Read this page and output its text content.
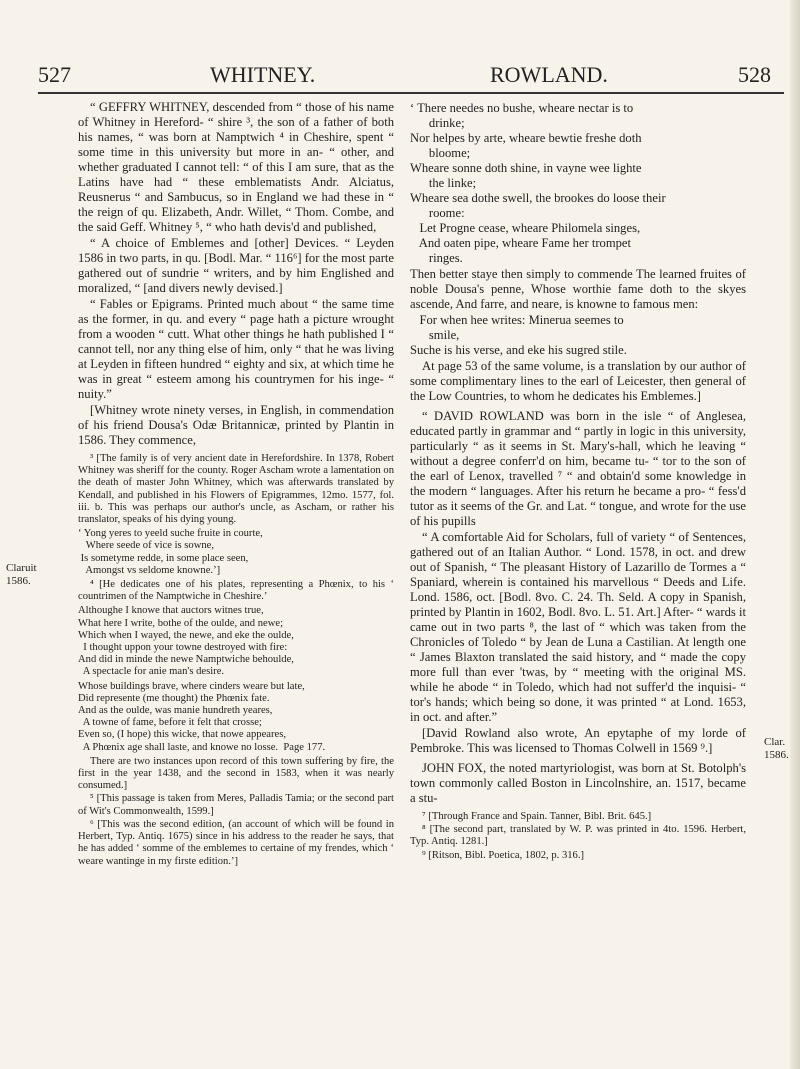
527	WHITNEY.	ROWLAND.	528
Claruit
1586.
Clar.
1586.

“ GEFFRY WHITNEY, descended from “ those of his name of Whitney in Hereford- “ shire ³, the son of a father of both his names, “ was born at Namptwich ⁴ in Cheshire, spent “ some time in this university but more in an- “ other, and whether graduated I cannot tell: “ of this I am sure, that as the Latins have had “ these emblematists Andr. Alciatus, Reusnerus “ and Sambucus, so in England we had these in “ the reign of qu. Elizabeth, Andr. Willet, “ Thom. Combe, and the said Geff. Whitney ⁵, “ who hath devis'd and published,

“ A choice of Emblemes and [other] Devices. “ Leyden 1586 in two parts, in qu. [Bodl. Mar. “ 116⁶] for the most parte gathered out of sundrie “ writers, and by him Englished and moralized, “ [and divers newly devised.]

“ Fables or Epigrams. Printed much about “ the same time as the former, in qu. and every “ page hath a picture wrought from a wooden “ cutt. What other things he hath published I “ cannot tell, nor any thing else of him, only “ that he was living at Leyden in fifteen hundred “ eighty and six, at which time he was in great “ esteem among his countrymen for his inge- “ nuity.”

[Whitney wrote ninety verses, in English, in commendation of his friend Dousa's Odæ Britannicæ, printed by Plantin in 1586. They commence,

³ [The family is of very ancient date in Herefordshire. In 1378, Robert Whitney was sheriff for the county. Roger Ascham wrote a lamentation on the death of master John Whitney, which was afterwards translated by Kendall, and published in his Flowers of Epigrammes, 12mo. 1577, fol. iii. b. This was perhaps our author's uncle, as Ascham, or rather his translator, speaks of his dying young.

‘ Yong yeres to yeeld suche fruite in courte,
Where seede of vice is sowne,
Is sometyme redde, in some place seen,
Amongst vs seldome knowne.’]

⁴ [He dedicates one of his plates, representing a Phœnix, to his ‘ countrimen of the Namptwiche in Cheshire.’

Althoughe I knowe that auctors witnes true,
What here I write, bothe of the oulde, and newe;
Which when I wayed, the newe, and eke the oulde,
I thought uppon your towne destroyed with fire:
And did in minde the newe Namptwiche behoulde,
A spectacle for anie man's desire.
Whose buildings brave, where cinders weare but late,
Did represente (me thought) the Phœnix fate.
And as the oulde, was manie hundreth yeares,
A towne of fame, before it felt that crosse;
Even so, (I hope) this wicke, that nowe appeares,
A Phœnix age shall laste, and knowe no losse.  Page 177.

There are two instances upon record of this town suffering by fire, the first in the year 1438, and the second in 1583, when it was nearly consumed.]

⁵ [This passage is taken from Meres, Palladis Tamia; or the second part of Wit's Commonwealth, 1599.]

⁶ [This was the second edition, (an account of which will be found in Herbert, Typ. Antiq. 1675) since in his address to the reader he says, that he has added ‘ somme of the emblemes to certaine of my frendes, which ‘ weare wantinge in my firste edition.’]

‘ There needes no bushe, wheare nectar is to
drinke;
Nor helpes by arte, wheare bewtie freshe doth
bloome;
Wheare sonne doth shine, in vayne wee lighte
the linke;
Wheare sea dothe swell, the brookes do loose their
roome:
Let Progne cease, wheare Philomela singes,
And oaten pipe, wheare Fame her trompet
ringes.

Then better staye then simply to commende The learned fruites of noble Dousa's penne, Whose worthie fame doth to the skyes ascende, And farre, and neare, is knowne to famous men:

For when hee writes: Minerua seemes to
smile,
Suche is his verse, and eke his sugred stile.

At page 53 of the same volume, is a translation by our author of some complimentary lines to the earl of Leicester, then general of the Low Countries, to whom he dedicates his Emblemes.]

“ DAVID ROWLAND was born in the isle “ of Anglesea, educated partly in grammar and “ partly in logic in this university, particularly “ as it seems in St. Mary's-hall, which he leaving “ without a degree conferr'd on him, became tu- “ tor to the son of the earl of Lenox, travelled ⁷ “ and obtain'd some knowledge in the modern “ languages. After his return he became a pro- “ fess'd tutor as it seems of the Gr. and Lat. “ tongue, and wrote for the use of his pupills

“ A comfortable Aid for Scholars, full of variety “ of Sentences, gathered out of an Italian Author. “ Lond. 1578, in oct. and drew out of Spanish, “ The pleasant History of Lazarillo de Tormes a “ Spaniard, wherein is contained his marvellous “ Deeds and Life. Lond. 1586, oct. [Bodl. 8vo. C. 24. Th. Seld. A copy in Spanish, printed by Plantin in 1602, Bodl. 8vo. L. 51. Art.] After- “ wards it came out in two parts ⁸, the last of “ which was taken from the Chronicles of Toledo “ by Jean de Luna a Castilian. At length one “ James Blaxton translated the said history, and “ made the copy more full than ever 'twas, by “ meeting with the original MS. while he abode “ in Toledo, which had not suffer'd the inquisi- “ tor's hands; which being so done, it was printed “ at Lond. 1653, in oct. and after.”

[David Rowland also wrote, An epytaphe of my lorde of Pembroke. This was licensed to Thomas Colwell in 1569 ⁹.]

JOHN FOX, the noted martyriologist, was born at St. Botolph's town commonly called Boston in Lincolnshire, an. 1517, became a stu-

⁷ [Through France and Spain. Tanner, Bibl. Brit. 645.]

⁸ [The second part, translated by W. P. was printed in 4to. 1596. Herbert, Typ. Antiq. 1281.]

⁹ [Ritson, Bibl. Poetica, 1802, p. 316.]
